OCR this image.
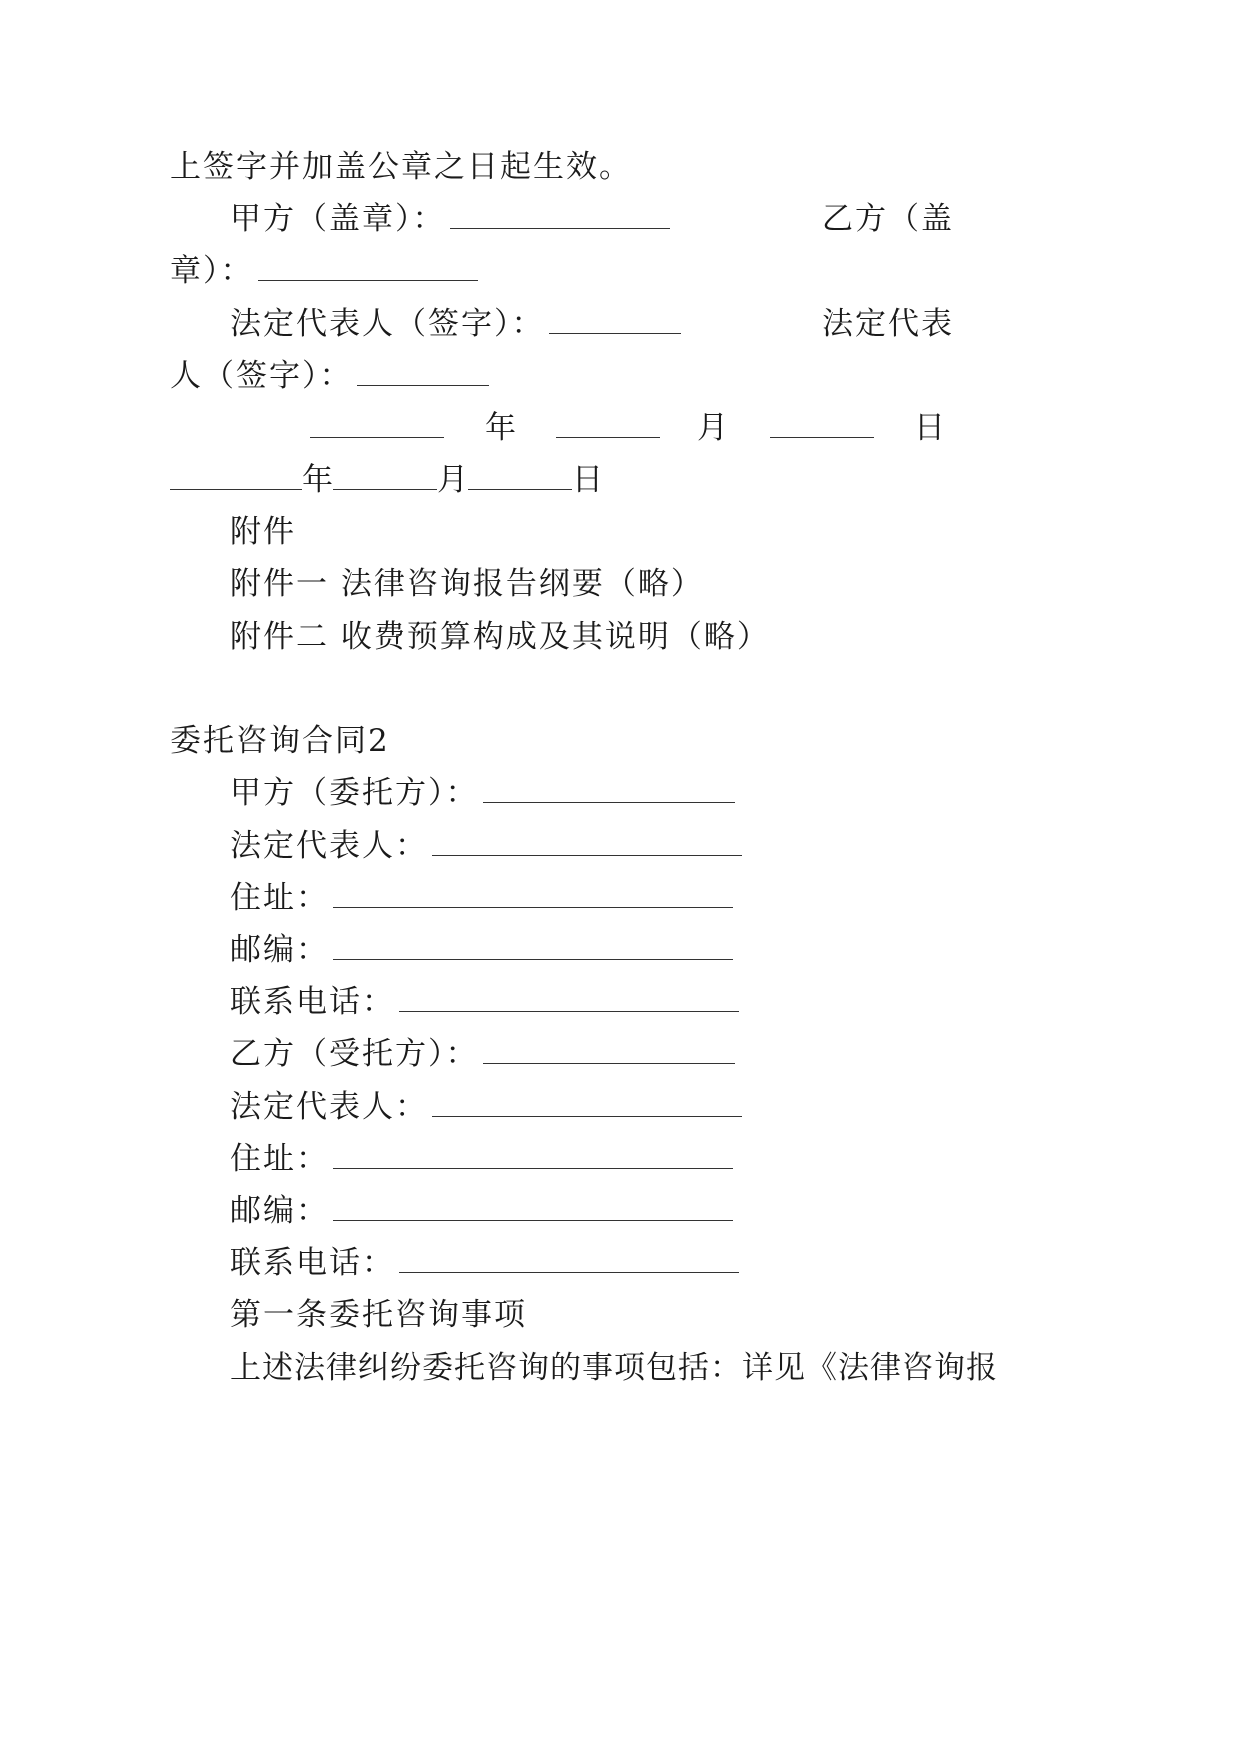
上签字并加盖公章之日起生效。
甲方（盖章）：	乙方（盖
章）：
法定代表人（签字）：	法定代表
人（签字）：
年	月	日
年	月	日
附件
附件一 法律咨询报告纲要（略）
附件二 收费预算构成及其说明（略）
委托咨询合同2
甲方（委托方）：
法定代表人：
住址：
邮编：
联系电话：
乙方（受托方）：
法定代表人：
住址：
邮编：
联系电话：
第一条委托咨询事项
上述法律纠纷委托咨询的事项包括：详见《法律咨询报
